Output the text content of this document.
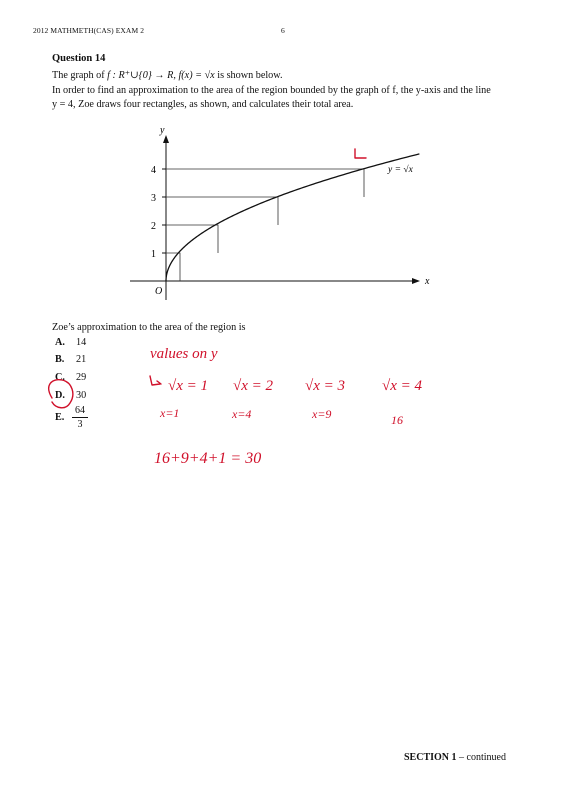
2012 MATHMETH(CAS) EXAM 2	6
Question 14
The graph of f : R⁺∪{0} → R, f(x) = √x is shown below.
In order to find an approximation to the area of the region bounded by the graph of f, the y-axis and the line
y = 4, Zoe draws four rectangles, as shown, and calculates their total area.
y
x
O
1
2
3
4	y = √x
Zoe’s approximation to the area of the region is
A. 14
B. 21
C. 29
D. 30
E.
64
3
values on y
√x = 1 √x = 2 √x = 3 √x = 4
x=1	x=4	x=9	16
16+9+4+1 = 30
SECTION 1 – continued
